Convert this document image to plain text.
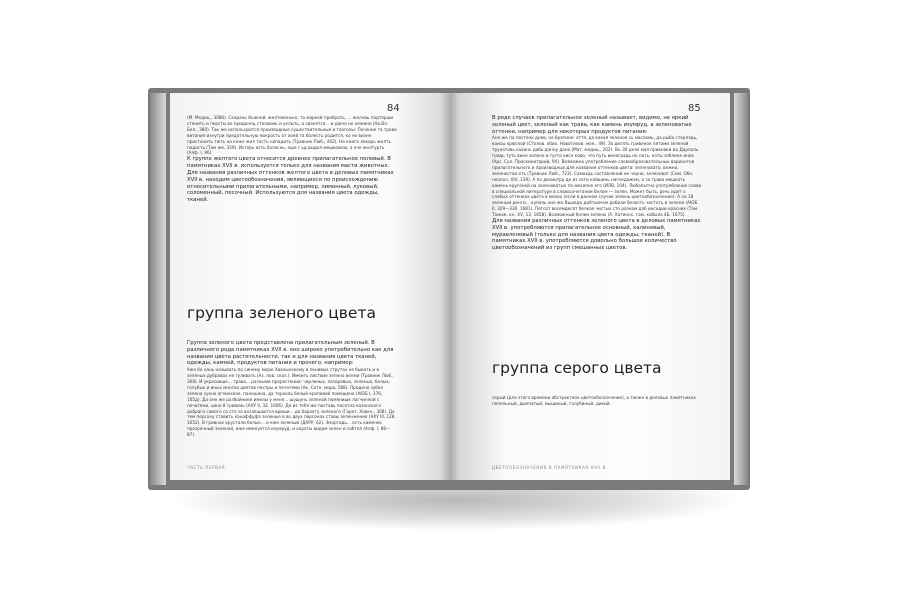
84

(М. Медиц., 308б). Скарань бъюной, желтовенько, та маркой прибрать, ... желнвь подтерши стенить и персты во приданец стелаемь и уклыть, а сванятся... и джно не нежено (Ав.Вл. Бел., 380). Так же используются производные существительные и глаголы: Почение та трава витания изнутри предательную мокрость от хоей та болесть родится, ко ее визне пристонить тжть на коже жел тость нападить (Травник Люб., 402). На книга лекарь желть подасть (Там же, 329). Истерь есть болеснь, еще г ьд выдол мешкомою, а оче желтурть (Алф. I, 96).

К группе желтого цвета относится древнее прилагательное половый. В памятниках XVII в. используется только для названия масти животных.
Для названия различных оттенков желтого цвета в деловых памятниках XVII в. находим цветообозначения, являющиеся по происхождению относительными прилагательными, например, лимонный, луковый, соломенный, песочный. Используются для названия цвета одежды, тканей.

группа зеленого цвета

Группа зеленого цвета представлена прилагательным зеленый. В различного рода памятниках XVII в. оно широко употребительно как для названия цвета растительности, так и для названия цвета тканей, одежды, камней, продуктов питания и прочего, например:

Уже бо нань называть по синему морю Хвалынскому в ленивых струтах не бывать и в зеленых дубравах не гуливать (Аз. пов. сказ.). Имеить листвие зелено велми (Травник Люб., 308). И украсивше... трава... разными прорастении: черленых, лазоревых, зеленых, белых, голубых и иных многих цветов пестры и печатями (Ак. Сотн. мира, 568). Продено зубка зелена сукно аглинское, панешена, да торхоль белый крапивой помещена (АЮБ I, 376, 165д). Да оне же разбойники имелы у меня... шушунь зеленой помянишк лагчинной с печатями, цено 8 гривень (АХУ II, 32. 1606). Да из тебя же поставь посетна казанского добраго самого со сто за возлещаются вриши... да бархату зеленого (Гарат. Ховен., 308). Да тем персону ставить канаффуфа зеленые в во двух персонах ставы зеленжение (АХУ III, 128, 1652). В гривнах крустали белые... и кже зеленый (ДАРУ, 62). Зморгодь... есть каменек прозрачный зеленой, иже именуется изумруд, и хороты видом зелен и сабтел (Алф. I, 86—87).

ЧАСТЬ ПЕРВАЯ
85

В ряде случаев прилагательное зеленый называет, видимо, не яркий зеленый цвет, зеленый как трава, как камень изумруд, а зеленоватые оттенки, например для некоторых продуктов питания:

Ане же по постенх днев, на братине: оття, да какая зеленоя сь масломь, да рыба стерлядь, каисы хрюской (Столов. обих. Новотихов. мон., 49). За десять гривенок пятами зеленой трунатовь кахань дабь данну дано (Мат. медиц., 202). Въ 30 днях мая привнаки въ Дарполь грядь туть вино зелено и густо кисл ково, что путь виноградь но ноть, коты зяблине иное (Арс. Сул. Проскинитарий, 94). Возможно употребление словообразовательных вариантов прилагательного и производных для названия оттенков цвета: зеленовато, вежно, зеленоства оть (Травник Люб., 723). Самохдь составлений не черни, зеленоват (Сим. Обн. неопол. XIV, 139). А по досмотру де из сети кейшинь нагнедажем, а за трава мешкать камень кругеной на зеленоватых по мехопне его (ИЛВ, 104). Любопытно употребление слова в специальной литературе в словосочетании белом — зелен. Может быть, речь идет о слабых оттенках цвета в мехах (если в данном случае зелень цветообозначение): А на 18 зеленым денги... купель оне же Вьшедъ дабтывчем добили белость чистоть и зелени (АЮБ II, 329—330. 1681). Петсот восемдесят белкая чистых сто рознам даб инседии красних (Там. Тамож. кн. XV, 13, 1658). Возможный белки зелены (А. Хатинск. там. кабы́ла 4Б. 1675).

Для названия различных оттенков зеленого цвета в деловых памятниках XVII в. употребляются прилагательное основный, калиновый, муравленовый (только для названия цвета одежды, тканей). В памятниках XVII в. употребляются довольно большое количество цветообозначений из групп смешанных цветов.

группа серого цвета

серый (для этого времени абстрактное цветообозначение), а также в деловых памятниках пепельный, дымчатый, мышиный, голубиный, дикий.

ЦВЕТООБОЗНАЧЕНИЯ В ПАМЯТНИКАХ XVII В.
